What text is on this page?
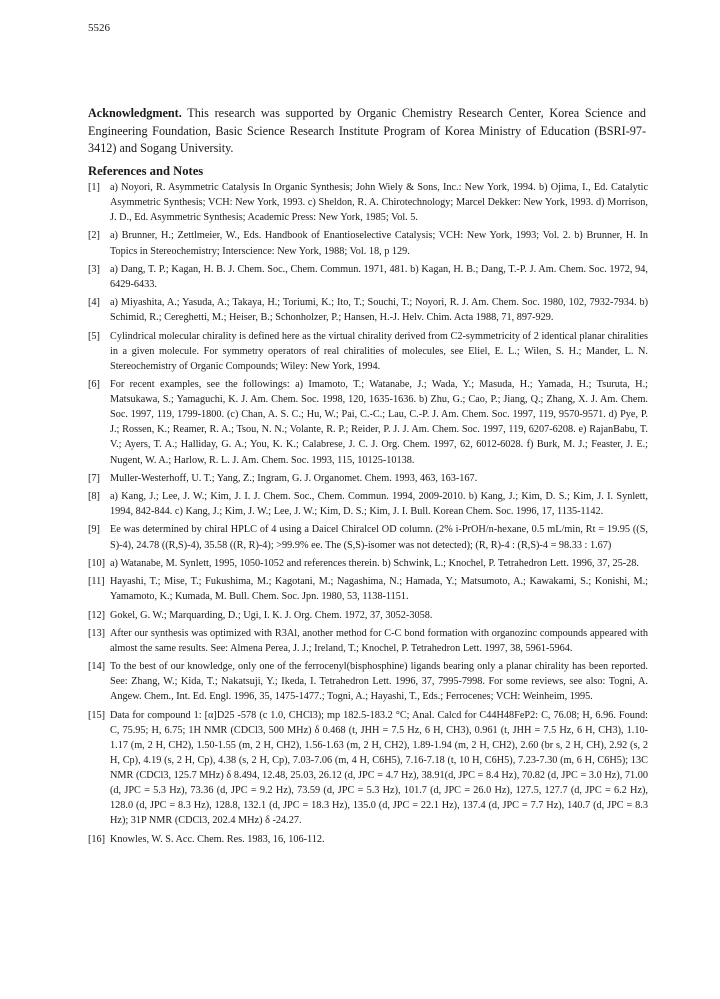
5526
Acknowledgment. This research was supported by Organic Chemistry Research Center, Korea Science and Engineering Foundation, Basic Science Research Institute Program of Korea Ministry of Education (BSRI-97-3412) and Sogang University.
References and Notes
[1] a) Noyori, R. Asymmetric Catalysis In Organic Synthesis; John Wiely & Sons, Inc.: New York, 1994. b) Ojima, I., Ed. Catalytic Asymmetric Synthesis; VCH: New York, 1993. c) Sheldon, R. A. Chirotechnology; Marcel Dekker: New York, 1993. d) Morrison, J. D., Ed. Asymmetric Synthesis; Academic Press: New York, 1985; Vol. 5.
[2] a) Brunner, H.; Zettlmeier, W., Eds. Handbook of Enantioselective Catalysis; VCH: New York, 1993; Vol. 2. b) Brunner, H. In Topics in Stereochemistry; Interscience: New York, 1988; Vol. 18, p 129.
[3] a) Dang, T. P.; Kagan, H. B. J. Chem. Soc., Chem. Commun. 1971, 481. b) Kagan, H. B.; Dang, T.-P. J. Am. Chem. Soc. 1972, 94, 6429-6433.
[4] a) Miyashita, A.; Yasuda, A.; Takaya, H.; Toriumi, K.; Ito, T.; Souchi, T.; Noyori, R. J. Am. Chem. Soc. 1980, 102, 7932-7934. b) Schimid, R.; Cereghetti, M.; Heiser, B.; Schonholzer, P.; Hansen, H.-J. Helv. Chim. Acta 1988, 71, 897-929.
[5] Cylindrical molecular chirality is defined here as the virtual chirality derived from C2-symmetricity of 2 identical planar chiralities in a given molecule. For symmetry operators of real chiralities of molecules, see Eliel, E. L.; Wilen, S. H.; Mander, L. N. Stereochemistry of Organic Compounds; Wiley: New York, 1994.
[6] For recent examples, see the followings: a) Imamoto, T.; Watanabe, J.; Wada, Y.; Masuda, H.; Yamada, H.; Tsuruta, H.; Matsukawa, S.; Yamaguchi, K. J. Am. Chem. Soc. 1998, 120, 1635-1636. b) Zhu, G.; Cao, P.; Jiang, Q.; Zhang, X. J. Am. Chem. Soc. 1997, 119, 1799-1800. (c) Chan, A. S. C.; Hu, W.; Pai, C.-C.; Lau, C.-P. J. Am. Chem. Soc. 1997, 119, 9570-9571. d) Pye, P. J.; Rossen, K.; Reamer, R. A.; Tsou, N. N.; Volante, R. P.; Reider, P. J. J. Am. Chem. Soc. 1997, 119, 6207-6208. e) RajanBabu, T. V.; Ayers, T. A.; Halliday, G. A.; You, K. K.; Calabrese, J. C. J. Org. Chem. 1997, 62, 6012-6028. f) Burk, M. J.; Feaster, J. E.; Nugent, W. A.; Harlow, R. L. J. Am. Chem. Soc. 1993, 115, 10125-10138.
[7] Muller-Westerhoff, U. T.; Yang, Z.; Ingram, G. J. Organomet. Chem. 1993, 463, 163-167.
[8] a) Kang, J.; Lee, J. W.; Kim, J. I. J. Chem. Soc., Chem. Commun. 1994, 2009-2010. b) Kang, J.; Kim, D. S.; Kim, J. I. Synlett, 1994, 842-844. c) Kang, J.; Kim, J. W.; Lee, J. W.; Kim, D. S.; Kim, J. I. Bull. Korean Chem. Soc. 1996, 17, 1135-1142.
[9] Ee was determined by chiral HPLC of 4 using a Daicel Chiralcel OD column. (2% i-PrOH/n-hexane, 0.5 mL/min, Rt = 19.95 ((S, S)-4), 24.78 ((R,S)-4), 35.58 ((R, R)-4); >99.9% ee. The (S,S)-isomer was not detected); (R, R)-4 : (R,S)-4 = 98.33 : 1.67)
[10] a) Watanabe, M. Synlett, 1995, 1050-1052 and references therein. b) Schwink, L.; Knochel, P. Tetrahedron Lett. 1996, 37, 25-28.
[11] Hayashi, T.; Mise, T.; Fukushima, M.; Kagotani, M.; Nagashima, N.; Hamada, Y.; Matsumoto, A.; Kawakami, S.; Konishi, M.; Yamamoto, K.; Kumada, M. Bull. Chem. Soc. Jpn. 1980, 53, 1138-1151.
[12] Gokel, G. W.; Marquarding, D.; Ugi, I. K. J. Org. Chem. 1972, 37, 3052-3058.
[13] After our synthesis was optimized with R3Al, another method for C-C bond formation with organozinc compounds appeared with almost the same results. See: Almena Perea, J. J.; Ireland, T.; Knochel, P. Tetrahedron Lett. 1997, 38, 5961-5964.
[14] To the best of our knowledge, only one of the ferrocenyl(bisphosphine) ligands bearing only a planar chirality has been reported. See: Zhang, W.; Kida, T.; Nakatsuji, Y.; Ikeda, I. Tetrahedron Lett. 1996, 37, 7995-7998. For some reviews, see also: Togni, A. Angew. Chem., Int. Ed. Engl. 1996, 35, 1475-1477.; Togni, A.; Hayashi, T., Eds.; Ferrocenes; VCH: Weinheim, 1995.
[15] Data for compound 1: [α]D25 -578 (c 1.0, CHCl3); mp 182.5-183.2 °C; Anal. Calcd for C44H48FeP2: C, 76.08; H, 6.96. Found: C, 75.95; H, 6.75; 1H NMR (CDCl3, 500 MHz) δ 0.468 (t, JHH = 7.5 Hz, 6 H, CH3), 0.961 (t, JHH = 7.5 Hz, 6 H, CH3), 1.10-1.17 (m, 2 H, CH2), 1.50-1.55 (m, 2 H, CH2), 1.56-1.63 (m, 2 H, CH2), 1.89-1.94 (m, 2 H, CH2), 2.60 (br s, 2 H, CH), 2.92 (s, 2 H, Cp), 4.19 (s, 2 H, Cp), 4.38 (s, 2 H, Cp), 7.03-7.06 (m, 4 H, C6H5), 7.16-7.18 (t, 10 H, C6H5), 7.23-7.30 (m, 6 H, C6H5); 13C NMR (CDCl3, 125.7 MHz) δ 8.494, 12.48, 25.03, 26.12 (d, JPC = 4.7 Hz), 38.91(d, JPC = 8.4 Hz), 70.82 (d, JPC = 3.0 Hz), 71.00 (d, JPC = 5.3 Hz), 73.36 (d, JPC = 9.2 Hz), 73.59 (d, JPC = 5.3 Hz), 101.7 (d, JPC = 26.0 Hz), 127.5, 127.7 (d, JPC = 6.2 Hz), 128.0 (d, JPC = 8.3 Hz), 128.8, 132.1 (d, JPC = 18.3 Hz), 135.0 (d, JPC = 22.1 Hz), 137.4 (d, JPC = 7.7 Hz), 140.7 (d, JPC = 8.3 Hz); 31P NMR (CDCl3, 202.4 MHz) δ -24.27.
[16] Knowles, W. S. Acc. Chem. Res. 1983, 16, 106-112.
